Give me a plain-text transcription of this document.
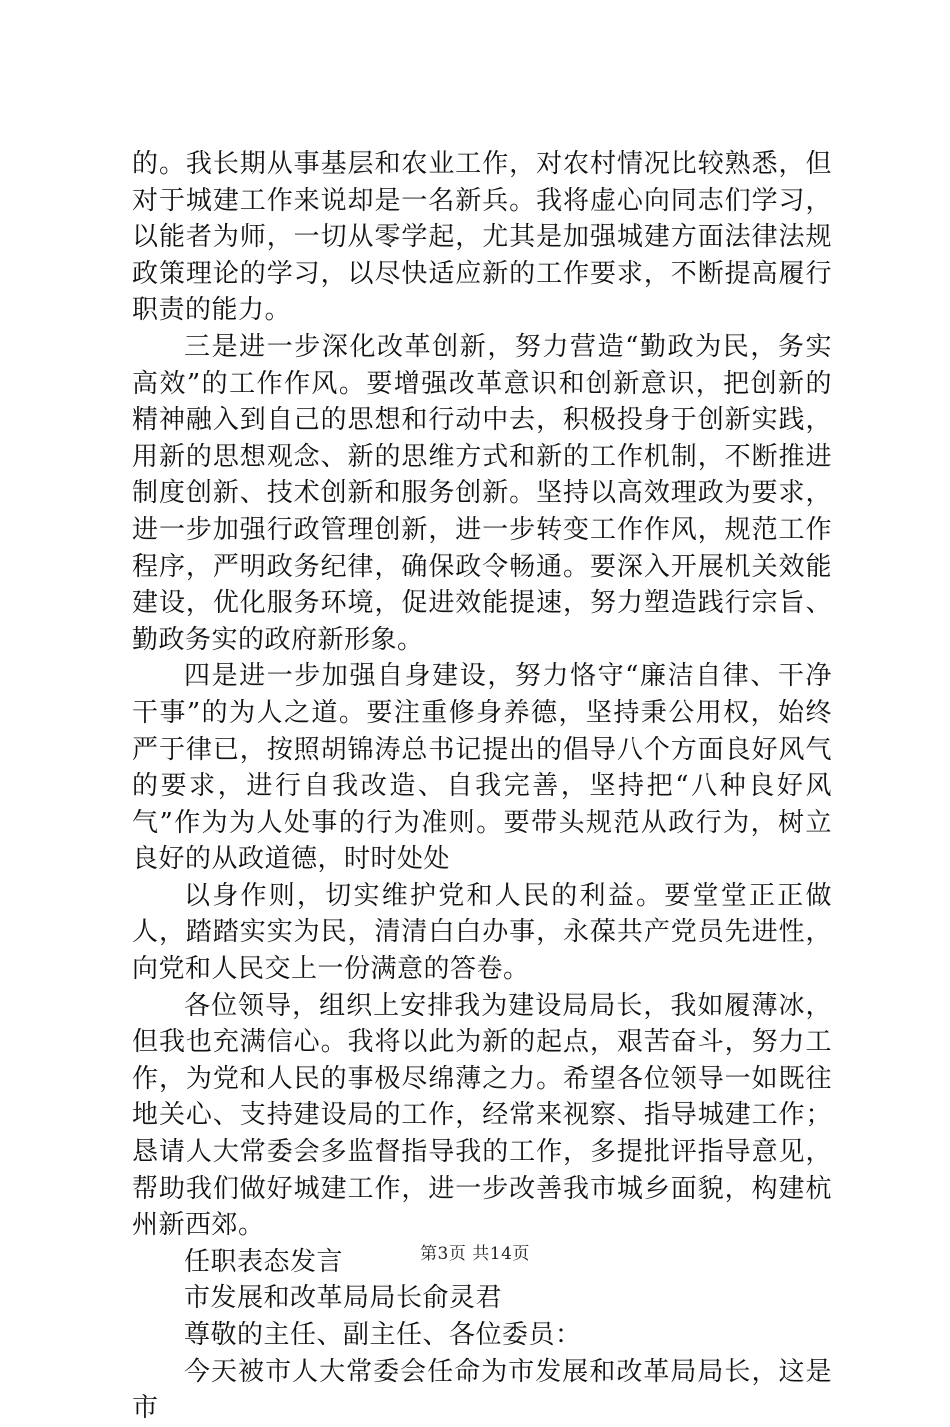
的。我长期从事基层和农业工作，对农村情况比较熟悉，但对于城建工作来说却是一名新兵。我将虚心向同志们学习，以能者为师，一切从零学起，尤其是加强城建方面法律法规政策理论的学习，以尽快适应新的工作要求，不断提高履行职责的能力。

三是进一步深化改革创新，努力营造“勤政为民，务实高效”的工作作风。要增强改革意识和创新意识，把创新的精神融入到自己的思想和行动中去，积极投身于创新实践，用新的思想观念、新的思维方式和新的工作机制，不断推进制度创新、技术创新和服务创新。坚持以高效理政为要求，进一步加强行政管理创新，进一步转变工作作风，规范工作程序，严明政务纪律，确保政令畅通。要深入开展机关效能建设，优化服务环境，促进效能提速，努力塑造践行宗旨、勤政务实的政府新形象。

四是进一步加强自身建设，努力恪守“廉洁自律、干净干事”的为人之道。要注重修身养德，坚持秉公用权，始终严于律已，按照胡锦涛总书记提出的倡导八个方面良好风气的要求，进行自我改造、自我完善，坚持把“八种良好风气”作为为人处事的行为准则。要带头规范从政行为，树立良好的从政道德，时时处处

以身作则，切实维护党和人民的利益。要堂堂正正做人，踏踏实实为民，清清白白办事，永葆共产党员先进性，向党和人民交上一份满意的答卷。

各位领导，组织上安排我为建设局局长，我如履薄冰，但我也充满信心。我将以此为新的起点，艰苦奋斗，努力工作，为党和人民的事极尽绵薄之力。希望各位领导一如既往地关心、支持建设局的工作，经常来视察、指导城建工作；恳请人大常委会多监督指导我的工作，多提批评指导意见，帮助我们做好城建工作，进一步改善我市城乡面貌，构建杭州新西郊。

任职表态发言

市发展和改革局局长俞灵君

尊敬的主任、副主任、各位委员：

今天被市人大常委会任命为市发展和改革局局长，这是市

第3页 共14页
